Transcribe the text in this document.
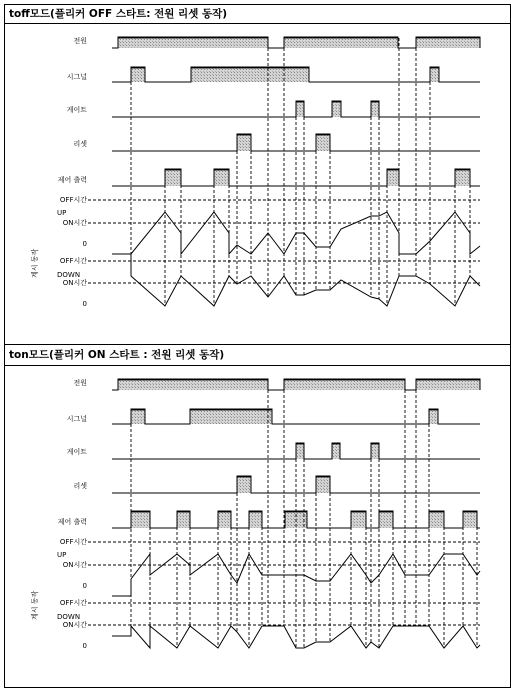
toff모드(플리커 OFF 스타트: 전원 리셋 동작)
ton모드(플리커 ON 스타트 : 전원 리셋 동작)
전원
시그널
게이트
리셋
제어 출력
OFF시간
UP
ON시간
0
OFF시간
DOWN
ON시간
0
계시 동작
전원
시그널
게이트
리셋
제어 출력
OFF시간
UP
ON시간
0
OFF시간
DOWN
ON시간
0
계시 동작
